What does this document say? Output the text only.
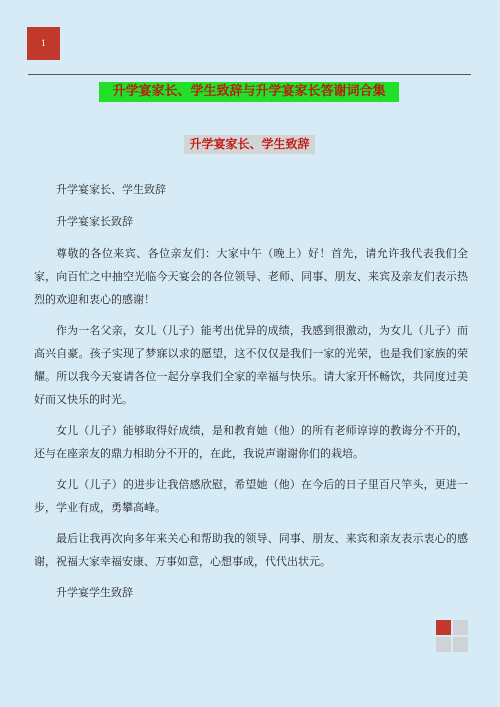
1
升学宴家长、学生致辞与升学宴家长答谢词合集
升学宴家长、学生致辞

升学宴家长、学生致辞

升学宴家长致辞

尊敬的各位来宾、各位亲友们：大家中午（晚上）好！首先，请允许我代表我们全家，向百忙之中抽空光临今天宴会的各位领导、老师、同事、朋友、来宾及亲友们表示热烈的欢迎和衷心的感谢！

作为一名父亲，女儿（儿子）能考出优异的成绩，我感到很激动，为女儿（儿子）而高兴自豪。孩子实现了梦寐以求的愿望，这不仅仅是我们一家的光荣，也是我们家族的荣耀。所以我今天宴请各位一起分享我们全家的幸福与快乐。请大家开怀畅饮，共同度过美好而又快乐的时光。

女儿（儿子）能够取得好成绩，是和教育她（他）的所有老师谆谆的教诲分不开的，还与在座亲友的鼎力相助分不开的，在此，我说声谢谢你们的栽培。

女儿（儿子）的进步让我倍感欣慰，希望她（他）在今后的日子里百尺竿头，更进一步，学业有成，勇攀高峰。

最后让我再次向多年来关心和帮助我的领导、同事、朋友、来宾和亲友表示衷心的感谢，祝福大家幸福安康、万事如意，心想事成，代代出状元。

升学宴学生致辞
